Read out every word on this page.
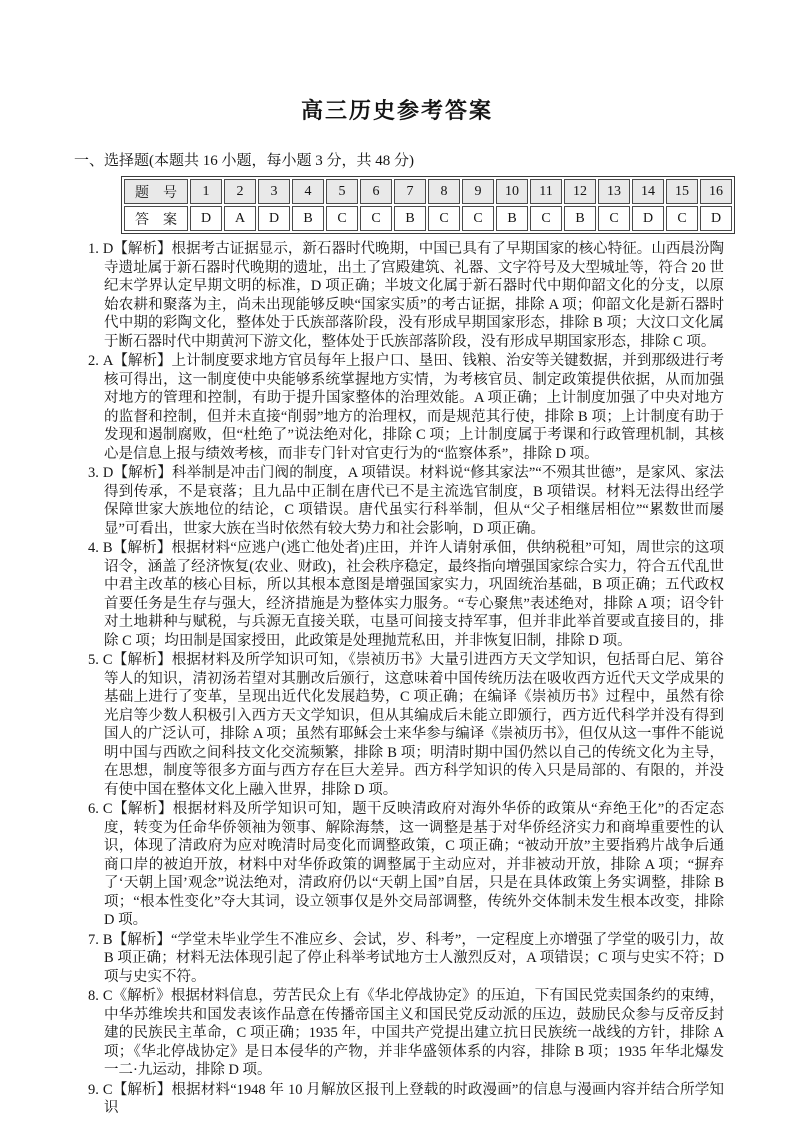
高三历史参考答案
一、选择题(本题共 16 小题，每小题 3 分，共 48 分)
题　号	1	2	3	4	5	6	7	8	9	10	11	12	13	14	15	16
答　案	D	A	D	B	C	C	B	C	C	B	C	B	C	D	C	D

1. D【解析】根据考古证据显示，新石器时代晚期，中国已具有了早期国家的核心特征。山西晨汾陶寺遗址属于新石器时代晚期的遗址，出土了宫殿建筑、礼器、文字符号及大型城址等，符合 20 世纪末学界认定早期文明的标准，D 项正确；半坡文化属于新石器时代中期仰韶文化的分支，以原始农耕和聚落为主，尚未出现能够反映“国家实质”的考古证据，排除 A 项；仰韶文化是新石器时代中期的彩陶文化，整体处于氏族部落阶段，没有形成早期国家形态，排除 B 项；大汶口文化属于断石器时代中期黄河下游文化，整体处于氏族部落阶段，没有形成早期国家形态，排除 C 项。

2. A【解析】上计制度要求地方官员每年上报户口、垦田、钱粮、治安等关键数据，并到那级进行考核可得出，这一制度使中央能够系统掌握地方实情，为考核官员、制定政策提供依据，从而加强对地方的管理和控制，有助于提升国家整体的治理效能。A 项正确；上计制度加强了中央对地方的监督和控制，但并未直接“削弱”地方的治理权，而是规范其行使，排除 B 项；上计制度有助于发现和遏制腐败，但“杜绝了”说法绝对化，排除 C 项；上计制度属于考课和行政管理机制，其核心是信息上报与绩效考核，而非专门针对官吏行为的“监察体系”，排除 D 项。

3. D【解析】科举制是冲击门阀的制度，A 项错误。材料说“修其家法”“不殒其世德”，是家风、家法得到传承，不是衰落；且九品中正制在唐代已不是主流选官制度，B 项错误。材料无法得出经学保障世家大族地位的结论，C 项错误。唐代虽实行科举制，但从“父子相继居相位”“累数世而屡显”可看出，世家大族在当时依然有较大势力和社会影响，D 项正确。

4. B【解析】根据材料“应逃户(逃亡他处者)庄田，并许人请射承佃，供纳税租”可知，周世宗的这项诏令，涵盖了经济恢复(农业、财政)，社会秩序稳定，最终指向增强国家综合实力，符合五代乱世中君主改革的核心目标，所以其根本意图是增强国家实力，巩固统治基础，B 项正确；五代政权首要任务是生存与强大，经济措施是为整体实力服务。“专心聚焦”表述绝对，排除 A 项；诏令针对土地耕种与赋税，与兵源无直接关联，屯垦可间接支持军事，但并非此举首要或直接目的，排除 C 项；均田制是国家授田，此政策是处理抛荒私田，并非恢复旧制，排除 D 项。

5. C【解析】根据材料及所学知识可知，《崇祯历书》大量引进西方天文学知识，包括哥白尼、第谷等人的知识，清初汤若望对其删改后颁行，这意味着中国传统历法在吸收西方近代天文学成果的基础上进行了变革，呈现出近代化发展趋势，C 项正确；在编译《崇祯历书》过程中，虽然有徐光启等少数人积极引入西方天文学知识，但从其编成后未能立即颁行，西方近代科学并没有得到国人的广泛认可，排除 A 项；虽然有耶稣会士来华参与编译《崇祯历书》，但仅从这一事件不能说明中国与西欧之间科技文化交流频繁，排除 B 项；明清时期中国仍然以自己的传统文化为主导，在思想，制度等很多方面与西方存在巨大差异。西方科学知识的传入只是局部的、有限的，并没有使中国在整体文化上融入世界，排除 D 项。

6. C【解析】根据材料及所学知识可知，题干反映清政府对海外华侨的政策从“弃绝王化”的否定态度，转变为任命华侨领袖为领事、解除海禁，这一调整是基于对华侨经济实力和商埠重要性的认识，体现了清政府为应对晚清时局变化而调整政策，C 项正确；“被动开放”主要指鸦片战争后通商口岸的被迫开放，材料中对华侨政策的调整属于主动应对，并非被动开放，排除 A 项；“摒弃了‘天朝上国’观念”说法绝对，清政府仍以“天朝上国”自居，只是在具体政策上务实调整，排除 B 项；“根本性变化”夺大其词，设立领事仅是外交局部调整，传统外交体制未发生根本改变，排除 D 项。

7. B【解析】“学堂未毕业学生不准应乡、会试，岁、科考”，一定程度上亦增强了学堂的吸引力，故 B 项正确；材料无法体现引起了停止科举考试地方士人激烈反对，A 项错误；C 项与史实不符；D 项与史实不符。

8. C《解析》根据材料信息，劳苦民众上有《华北停战协定》的压迫，下有国民党卖国条约的束缚，中华苏维埃共和国发表该作品意在传播帝国主义和国民党反动派的压边，鼓励民众参与反帝反封建的民族民主革命，C 项正确；1935 年，中国共产党提出建立抗日民族统一战线的方针，排除 A 项；《华北停战协定》是日本侵华的产物，并非华盛领体系的内容，排除 B 项；1935 年华北爆发一二·九运动，排除 D 项。

9. C【解析】根据材料“1948 年 10 月解放区报刊上登载的时政漫画”的信息与漫画内容并结合所学知识
